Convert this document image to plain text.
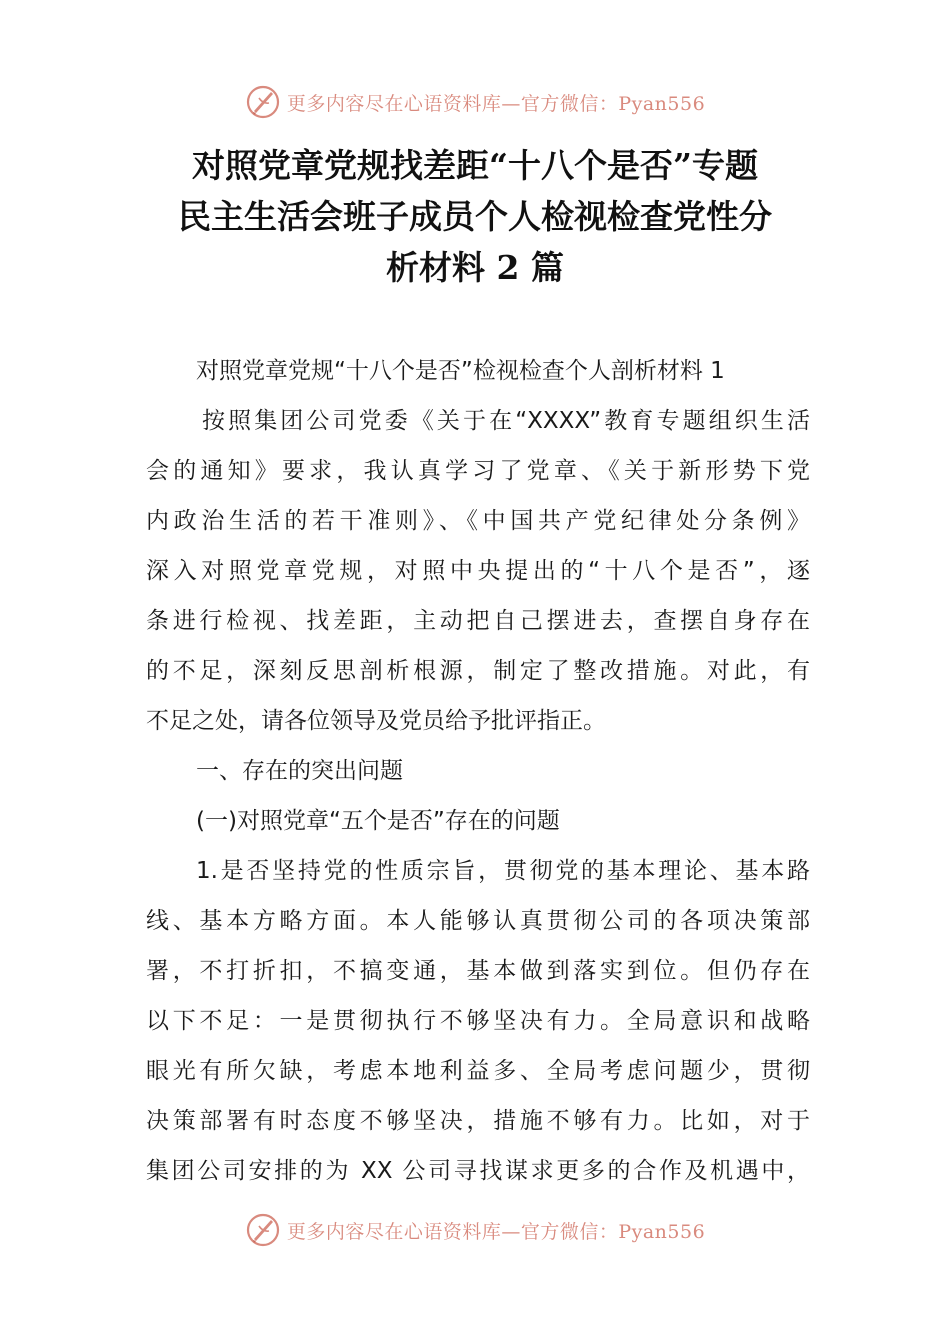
更多内容尽在心语资料库—官方微信：Pyan556
对照党章党规找差距“十八个是否”专题
民主生活会班子成员个人检视检查党性分
析材料 2 篇
对照党章党规“十八个是否”检视检查个人剖析材料 1
按照集团公司党委《关于在“XXXX”教育专题组织生活
会的通知》要求，我认真学习了党章、《关于新形势下党
内政治生活的若干准则》、《中国共产党纪律处分条例》
深入对照党章党规，对照中央提出的“十八个是否”，逐
条进行检视、找差距，主动把自己摆进去，查摆自身存在
的不足，深刻反思剖析根源，制定了整改措施。对此，有
不足之处，请各位领导及党员给予批评指正。
一、存在的突出问题
(一)对照党章“五个是否”存在的问题
1.是否坚持党的性质宗旨，贯彻党的基本理论、基本路
线、基本方略方面。本人能够认真贯彻公司的各项决策部
署，不打折扣，不搞变通，基本做到落实到位。但仍存在
以下不足：一是贯彻执行不够坚决有力。全局意识和战略
眼光有所欠缺，考虑本地利益多、全局考虑问题少，贯彻
决策部署有时态度不够坚决，措施不够有力。比如，对于
集团公司安排的为 XX 公司寻找谋求更多的合作及机遇中，
更多内容尽在心语资料库—官方微信：Pyan556
